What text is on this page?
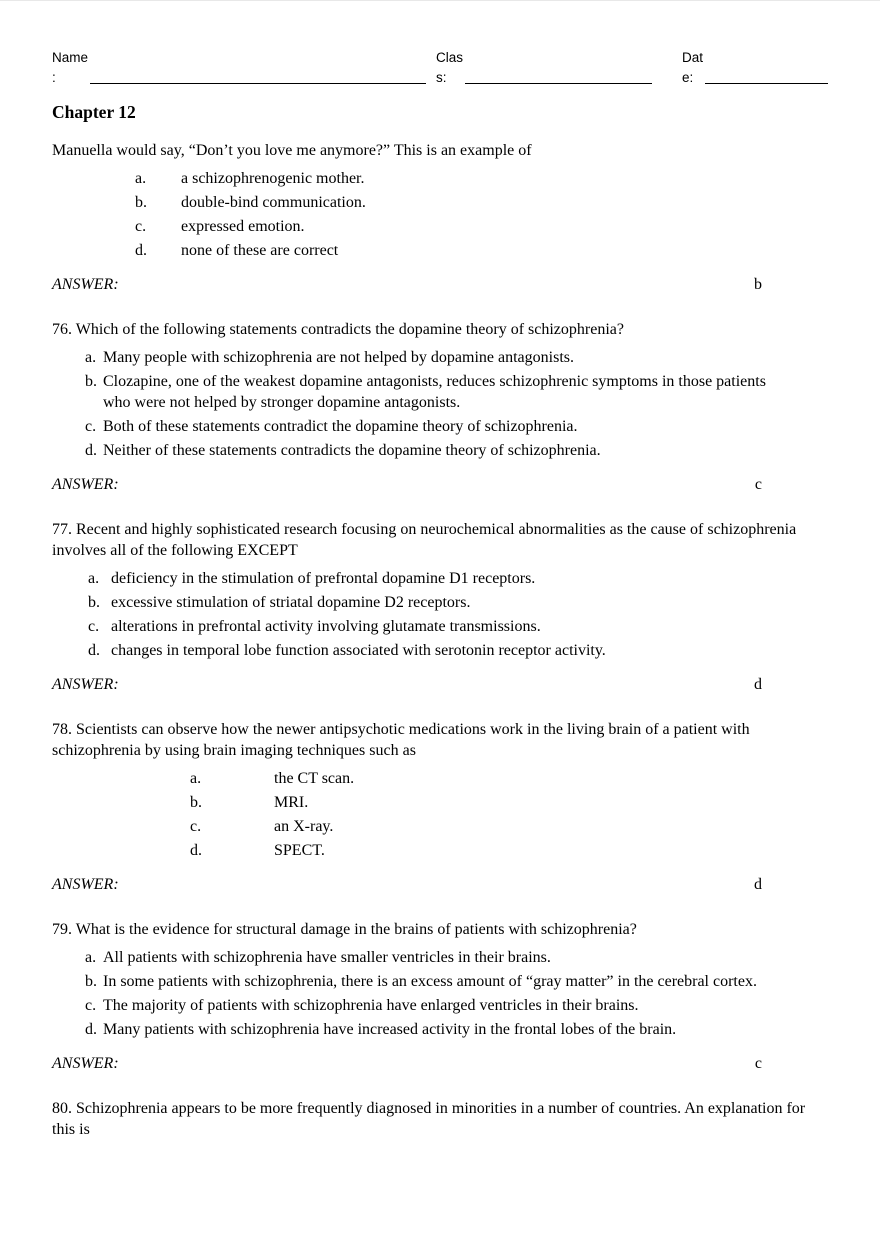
Name
:
Clas
s:
Dat
e:
Chapter 12

Manuella would say, “Don’t you love me anymore?” This is an example of

a.	a schizophrenogenic mother.
b.	double-bind communication.
c.	expressed emotion.
d.	none of these are correct
ANSWER:	b

76. Which of the following statements contradicts the dopamine theory of schizophrenia?

a. Many people with schizophrenia are not helped by dopamine antagonists.
b. Clozapine, one of the weakest dopamine antagonists, reduces schizophrenic symptoms in those patients who were not helped by stronger dopamine antagonists.
c. Both of these statements contradict the dopamine theory of schizophrenia.
d. Neither of these statements contradicts the dopamine theory of schizophrenia.
ANSWER:	c

77. Recent and highly sophisticated research focusing on neurochemical abnormalities as the cause of schizophrenia involves all of the following EXCEPT

a. deficiency in the stimulation of prefrontal dopamine D1 receptors.
b. excessive stimulation of striatal dopamine D2 receptors.
c. alterations in prefrontal activity involving glutamate transmissions.
d. changes in temporal lobe function associated with serotonin receptor activity.
ANSWER:	d

78. Scientists can observe how the newer antipsychotic medications work in the living brain of a patient with schizophrenia by using brain imaging techniques such as

a.	the CT scan.
b.	MRI.
c.	an X-ray.
d.	SPECT.
ANSWER:	d

79. What is the evidence for structural damage in the brains of patients with schizophrenia?

a. All patients with schizophrenia have smaller ventricles in their brains.
b. In some patients with schizophrenia, there is an excess amount of “gray matter” in the cerebral cortex.
c. The majority of patients with schizophrenia have enlarged ventricles in their brains.
d. Many patients with schizophrenia have increased activity in the frontal lobes of the brain.
ANSWER:	c

80. Schizophrenia appears to be more frequently diagnosed in minorities in a number of countries. An explanation for this is
